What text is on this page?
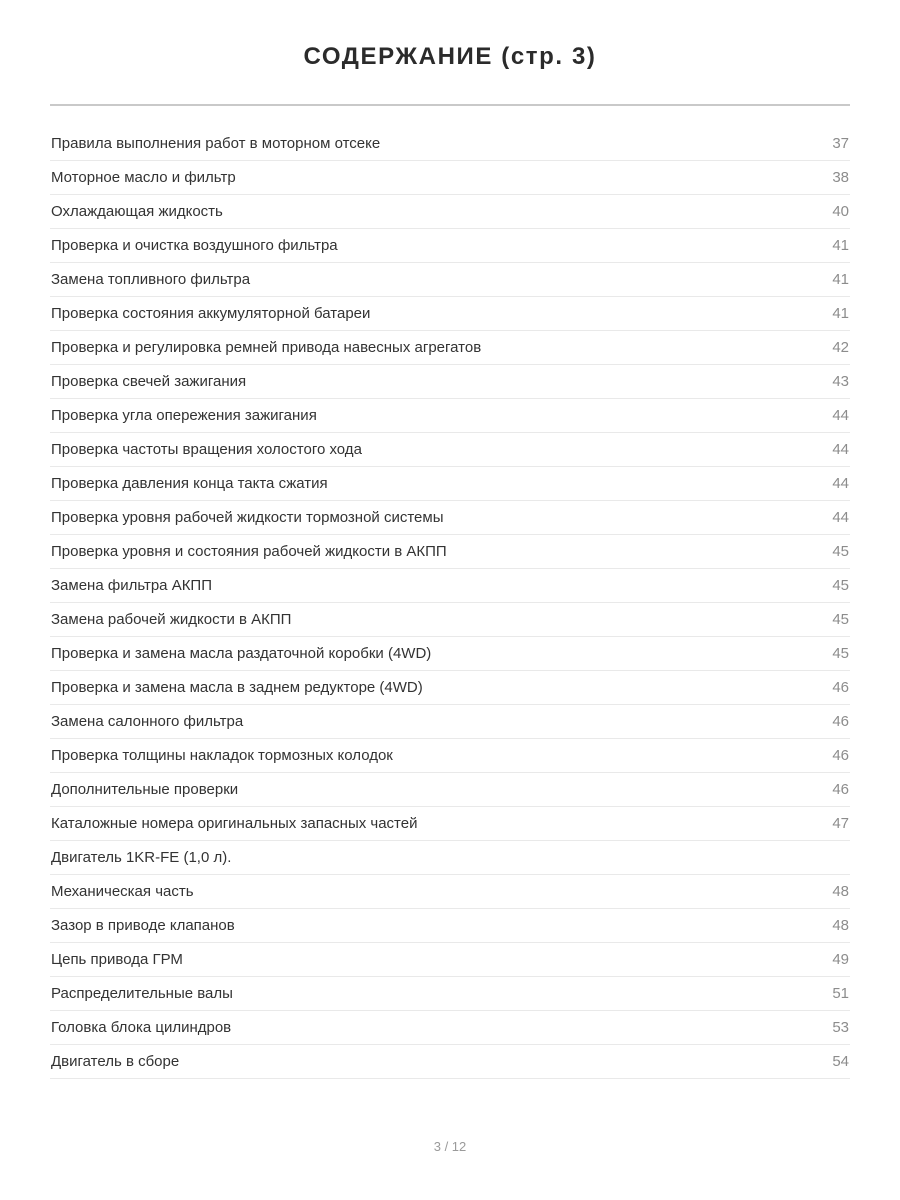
СОДЕРЖАНИЕ (стр. 3)
Правила выполнения работ в моторном отсеке	37
Моторное масло и фильтр	38
Охлаждающая жидкость	40
Проверка и очистка воздушного фильтра	41
Замена топливного фильтра	41
Проверка состояния аккумуляторной батареи	41
Проверка и регулировка ремней привода навесных агрегатов	42
Проверка свечей зажигания	43
Проверка угла опережения зажигания	44
Проверка частоты вращения холостого хода	44
Проверка давления конца такта сжатия	44
Проверка уровня рабочей жидкости тормозной системы	44
Проверка уровня и состояния рабочей жидкости в АКПП	45
Замена фильтра АКПП	45
Замена рабочей жидкости в АКПП	45
Проверка и замена масла раздаточной коробки (4WD)	45
Проверка и замена масла в заднем редукторе (4WD)	46
Замена салонного фильтра	46
Проверка толщины накладок тормозных колодок	46
Дополнительные проверки	46
Каталожные номера оригинальных запасных частей	47
Двигатель 1KR-FE (1,0 л).
Механическая часть	48
Зазор в приводе клапанов	48
Цепь привода ГРМ	49
Распределительные валы	51
Головка блока цилиндров	53
Двигатель в сборе	54
3 / 12
